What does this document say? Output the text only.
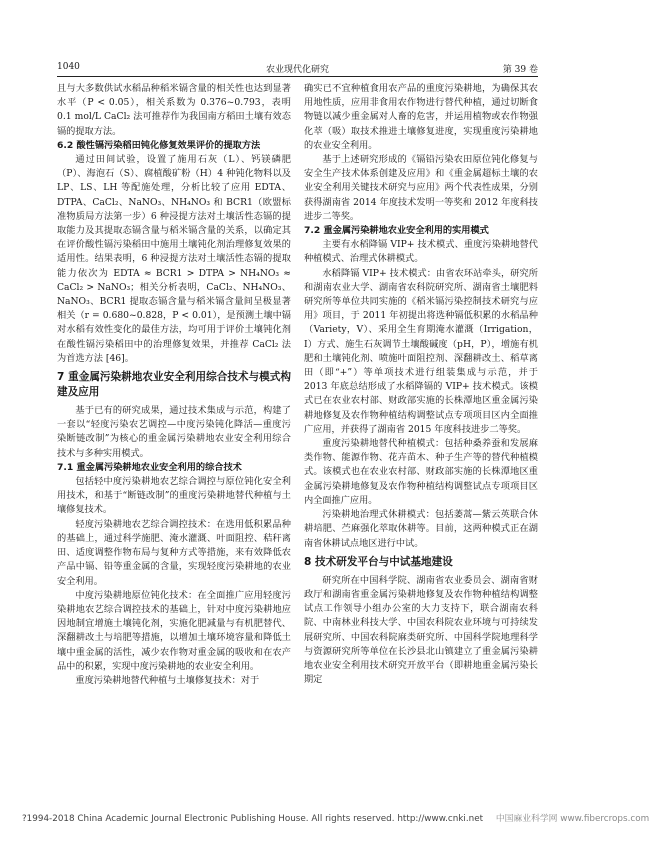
1040	农业现代化研究	第 39 卷

且与大多数供试水稻品种稻米镉含量的相关性也达到显著水平（P < 0.05），相关系数为 0.376~0.793，表明 0.1 mol/L CaCl₂ 法可推荐作为我国南方稻田土壤有效态镉的提取方法。

6.2 酸性镉污染稻田钝化修复效果评价的提取方法

通过田间试验，设置了施用石灰（L）、钙镁磷肥（P）、海泡石（S）、腐植酸矿粉（H）4 种钝化物料以及 LP、LS、LH 等配施处理，分析比较了应用 EDTA、DTPA、CaCl₂、NaNO₃、NH₄NO₃ 和 BCR1（欧盟标准物质局方法第一步）6 种浸提方法对土壤活性态镉的提取能力及其提取态镉含量与稻米镉含量的关系，以确定其在评价酸性镉污染稻田中施用土壤钝化剂治理修复效果的适用性。结果表明，6 种浸提方法对土壤活性态镉的提取能力依次为 EDTA ≈ BCR1 > DTPA > NH₄NO₃ ≈ CaCl₂ > NaNO₃；相关分析表明，CaCl₂、NH₄NO₃、NaNO₃、BCR1 提取态镉含量与稻米镉含量间呈极显著相关（r = 0.680~0.828，P < 0.01），是预测土壤中镉对水稻有效性变化的最佳方法，均可用于评价土壤钝化剂在酸性镉污染稻田中的治理修复效果，并推荐 CaCl₂ 法为首选方法 [46]。

7 重金属污染耕地农业安全利用综合技术与模式构建及应用

基于已有的研究成果，通过技术集成与示范，构建了一套以“轻度污染农艺调控—中度污染钝化降活—重度污染断链改制”为核心的重金属污染耕地农业安全利用综合技术与多种实用模式。

7.1 重金属污染耕地农业安全利用的综合技术

包括轻中度污染耕地农艺综合调控与原位钝化安全利用技术，和基于“断链改制”的重度污染耕地替代种植与土壤修复技术。

轻度污染耕地农艺综合调控技术：在选用低积累品种的基础上，通过科学施肥、淹水灌溉、叶面阻控、秸秆离田、适度调整作物布局与复种方式等措施，来有效降低农产品中镉、铅等重金属的含量，实现轻度污染耕地的农业安全利用。

中度污染耕地原位钝化技术：在全面推广应用轻度污染耕地农艺综合调控技术的基础上，针对中度污染耕地应因地制宜增施土壤钝化剂，实施化肥减量与有机肥替代、深翻耕改土与培肥等措施，以增加土壤环境容量和降低土壤中重金属的活性，减少农作物对重金属的吸收和在农产品中的积累，实现中度污染耕地的农业安全利用。

重度污染耕地替代种植与土壤修复技术：对于

确实已不宜种植食用农产品的重度污染耕地，为确保其农用地性质，应用非食用农作物进行替代种植，通过切断食物链以减少重金属对人畜的危害，并运用植物或农作物强化萃（吸）取技术推进土壤修复进度，实现重度污染耕地的农业安全利用。

基于上述研究形成的《镉铅污染农田原位钝化修复与安全生产技术体系创建及应用》和《重金属超标土壤的农业安全利用关键技术研究与应用》两个代表性成果，分别获得湖南省 2014 年度技术发明一等奖和 2012 年度科技进步二等奖。

7.2 重金属污染耕地农业安全利用的实用模式

主要有水稻降镉 VIP+ 技术模式、重度污染耕地替代种植模式、治理式休耕模式。

水稻降镉 VIP+ 技术模式：由省农环站牵头，研究所和湖南农业大学、湖南省农科院研究所、湖南省土壤肥料研究所等单位共同实施的《稻米镉污染控制技术研究与应用》项目，于 2011 年初提出将选种镉低积累的水稻品种（Variety，V）、采用全生育期淹水灌溉（Irrigation，I）方式、施生石灰调节土壤酸碱度（pH，P），增施有机肥和土壤钝化剂、喷施叶面阻控剂、深翻耕改土、稻草离田（即“+”）等单项技术进行组装集成与示范，并于 2013 年底总结形成了水稻降镉的 VIP+ 技术模式。该模式已在农业农村部、财政部实施的长株潭地区重金属污染耕地修复及农作物种植结构调整试点专项项目区内全面推广应用，并获得了湖南省 2015 年度科技进步二等奖。

重度污染耕地替代种植模式：包括种桑养蚕和发展麻类作物、能源作物、花卉苗木、种子生产等的替代种植模式。该模式也在农业农村部、财政部实施的长株潭地区重金属污染耕地修复及农作物种植结构调整试点专项项目区内全面推广应用。

污染耕地治理式休耕模式：包括萎蒿—紫云英联合休耕培肥、苎麻强化萃取休耕等。目前，这两种模式正在湖南省休耕试点地区进行中试。

8 技术研发平台与中试基地建设

研究所在中国科学院、湖南省农业委员会、湖南省财政厅和湖南省重金属污染耕地修复及农作物种植结构调整试点工作领导小组办公室的大力支持下，联合湖南农科院、中南林业科技大学、中国农科院农业环境与可持续发展研究所、中国农科院麻类研究所、中国科学院地理科学与资源研究所等单位在长沙县北山镇建立了重金属污染耕地农业安全利用技术研究开放平台（即耕地重金属污染长期定

?1994-2018 China Academic Journal Electronic Publishing House. All rights reserved. http://www.cnki.net 中国麻业科学网 www.fibercrops.com
